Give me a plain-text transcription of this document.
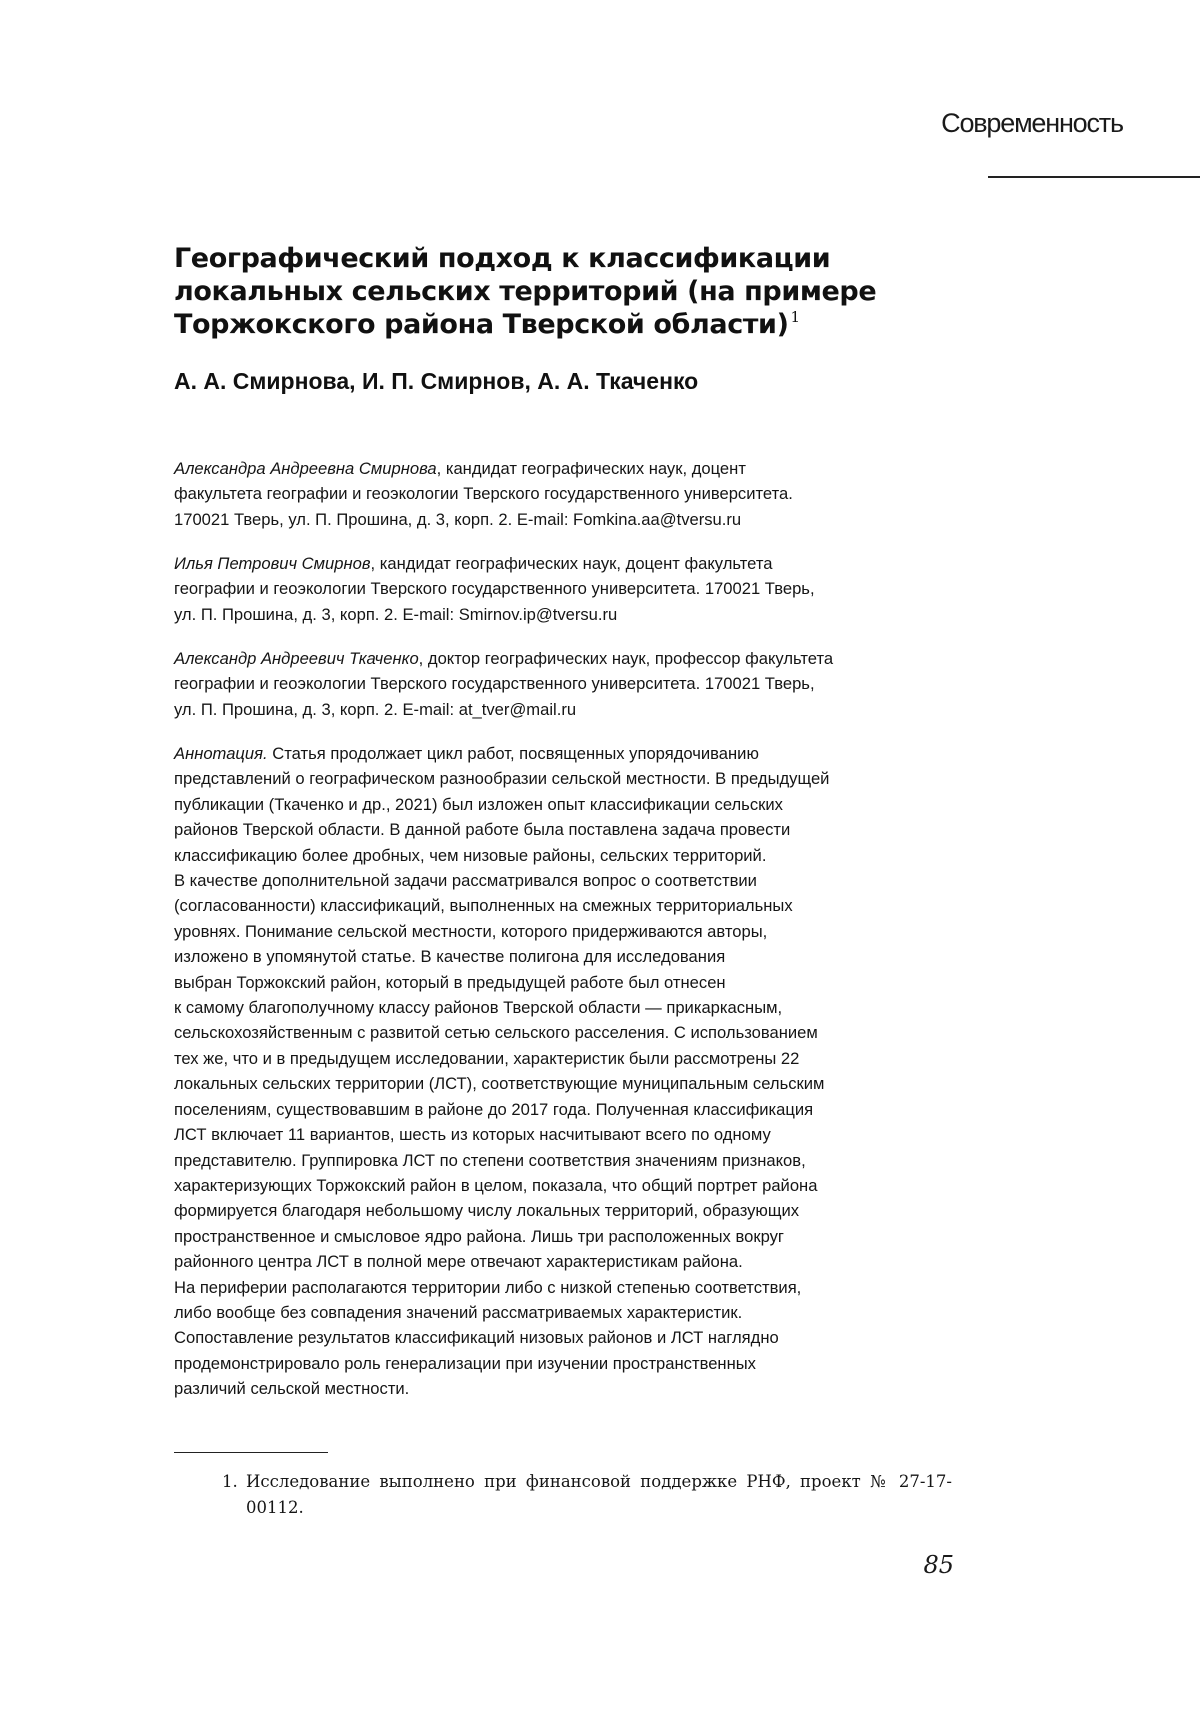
Современность
Географический подход к классификации
локальных сельских территорий (на примере
Торжокского района Тверской области) $^1$
А. А. Смирнова, И. П. Смирнов, А. А. Ткаченко
Александра Андреевна Смирнова, кандидат географических наук, доцент
факультета географии и геоэкологии Тверского государственного университета.
170021 Тверь, ул. П. Прошина, д. 3, корп. 2. E-mail: Fomkina.aa@tversu.ru
Илья Петрович Смирнов, кандидат географических наук, доцент факультета
географии и геоэкологии Тверского государственного университета. 170021 Тверь,
ул. П. Прошина, д. 3, корп. 2. E-mail: Smirnov.ip@tversu.ru
Александр Андреевич Ткаченко, доктор географических наук, профессор факультета
географии и геоэкологии Тверского государственного университета. 170021 Тверь,
ул. П. Прошина, д. 3, корп. 2. E-mail: at_tver@mail.ru
Аннотация. Статья продолжает цикл работ, посвященных упорядочиванию
представлений о географическом разнообразии сельской местности. В предыдущей
публикации (Ткаченко и др., 2021) был изложен опыт классификации сельских
районов Тверской области. В данной работе была поставлена задача провести
классификацию более дробных, чем низовые районы, сельских территорий.
В качестве дополнительной задачи рассматривался вопрос о соответствии
(согласованности) классификаций, выполненных на смежных территориальных
уровнях. Понимание сельской местности, которого придерживаются авторы,
изложено в упомянутой статье. В качестве полигона для исследования
выбран Торжокский район, который в предыдущей работе был отнесен
к самому благополучному классу районов Тверской области — прикаркасным,
сельскохозяйственным с развитой сетью сельского расселения. С использованием
тех же, что и в предыдущем исследовании, характеристик были рассмотрены 22
локальных сельских территории (ЛСТ), соответствующие муниципальным сельским
поселениям, существовавшим в районе до 2017 года. Полученная классификация
ЛСТ включает 11 вариантов, шесть из которых насчитывают всего по одному
представителю. Группировка ЛСТ по степени соответствия значениям признаков,
характеризующих Торжокский район в целом, показала, что общий портрет района
формируется благодаря небольшому числу локальных территорий, образующих
пространственное и смысловое ядро района. Лишь три расположенных вокруг
районного центра ЛСТ в полной мере отвечают характеристикам района.
На периферии располагаются территории либо с низкой степенью соответствия,
либо вообще без совпадения значений рассматриваемых характеристик.
Сопоставление результатов классификаций низовых районов и ЛСТ наглядно
продемонстрировало роль генерализации при изучении пространственных
различий сельской местности.
1. Исследование выполнено при финансовой поддержке РНФ, проект № 27-17-00112.
85
